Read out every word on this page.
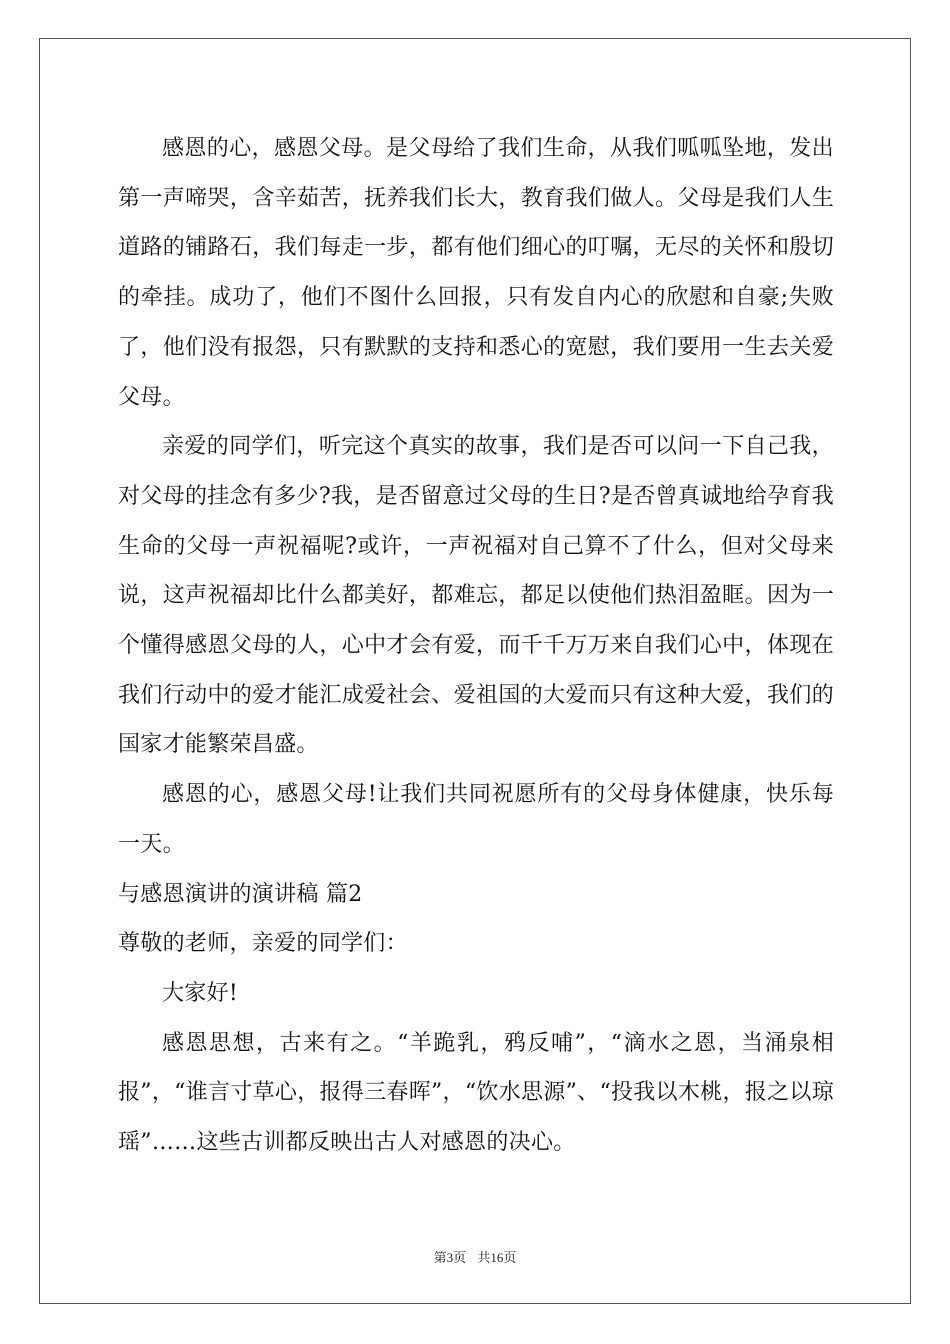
感恩的心，感恩父母。是父母给了我们生命，从我们呱呱坠地，发出第一声啼哭，含辛茹苦，抚养我们长大，教育我们做人。父母是我们人生道路的铺路石，我们每走一步，都有他们细心的叮嘱，无尽的关怀和殷切的牵挂。成功了，他们不图什么回报，只有发自内心的欣慰和自豪;失败了，他们没有报怨，只有默默的支持和悉心的宽慰，我们要用一生去关爱父母。

亲爱的同学们，听完这个真实的故事，我们是否可以问一下自己我，对父母的挂念有多少?我，是否留意过父母的生日?是否曾真诚地给孕育我生命的父母一声祝福呢?或许，一声祝福对自己算不了什么，但对父母来说，这声祝福却比什么都美好，都难忘，都足以使他们热泪盈眶。因为一个懂得感恩父母的人，心中才会有爱，而千千万万来自我们心中，体现在我们行动中的爱才能汇成爱社会、爱祖国的大爱而只有这种大爱，我们的国家才能繁荣昌盛。

感恩的心，感恩父母!让我们共同祝愿所有的父母身体健康，快乐每一天。

与感恩演讲的演讲稿 篇2

尊敬的老师，亲爱的同学们：

大家好!

感恩思想，古来有之。“羊跪乳，鸦反哺”，“滴水之恩，当涌泉相报”，“谁言寸草心，报得三春晖”，“饮水思源”、“投我以木桃，报之以琼瑶”……这些古训都反映出古人对感恩的决心。

第3页 共16页
